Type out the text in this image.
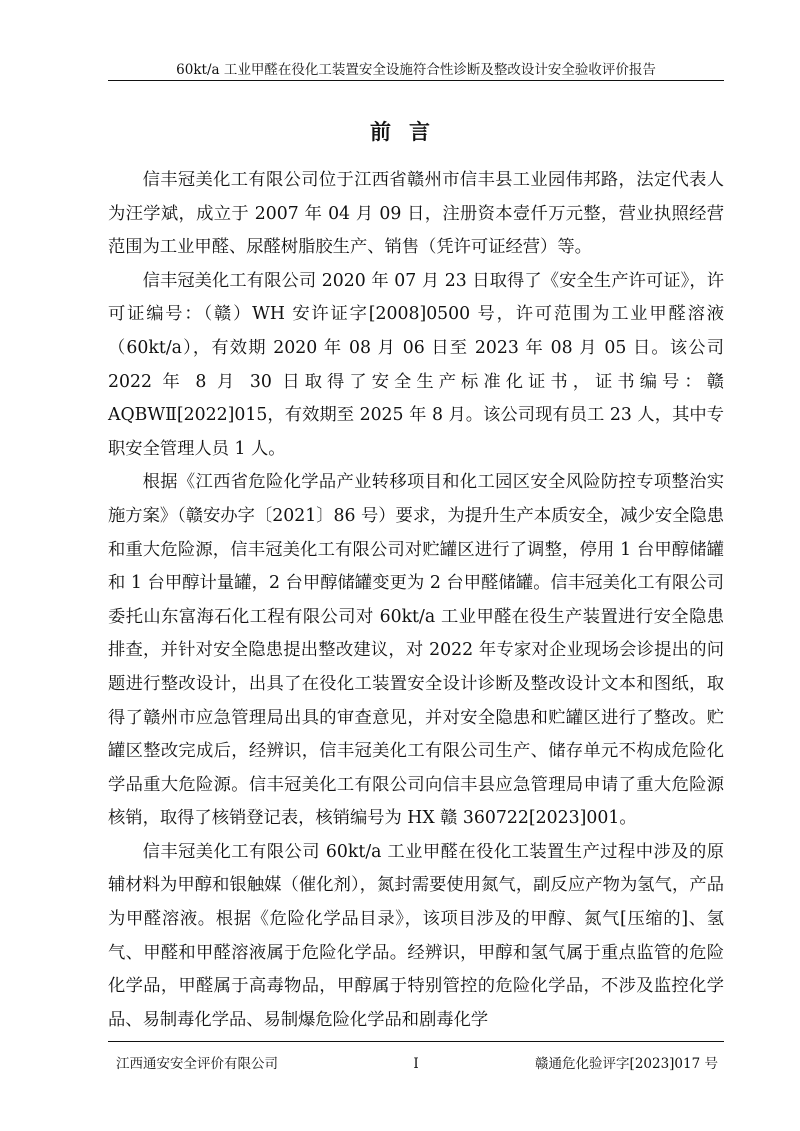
60kt/a 工业甲醛在役化工装置安全设施符合性诊断及整改设计安全验收评价报告
前言

信丰冠美化工有限公司位于江西省赣州市信丰县工业园伟邦路，法定代表人为汪学斌，成立于 2007 年 04 月 09 日，注册资本壹仟万元整，营业执照经营范围为工业甲醛、尿醛树脂胶生产、销售（凭许可证经营）等。

信丰冠美化工有限公司 2020 年 07 月 23 日取得了《安全生产许可证》，许可证编号：（赣）WH 安许证字[2008]0500 号，许可范围为工业甲醛溶液（60kt/a），有效期 2020 年 08 月 06 日至 2023 年 08 月 05 日。该公司 2022 年 8 月 30 日取得了安全生产标准化证书，证书编号：赣 AQBWⅡ[2022]015，有效期至 2025 年 8 月。该公司现有员工 23 人，其中专职安全管理人员 1 人。

根据《江西省危险化学品产业转移项目和化工园区安全风险防控专项整治实施方案》（赣安办字〔2021〕86 号）要求，为提升生产本质安全，减少安全隐患和重大危险源，信丰冠美化工有限公司对贮罐区进行了调整，停用 1 台甲醇储罐和 1 台甲醇计量罐，2 台甲醇储罐变更为 2 台甲醛储罐。信丰冠美化工有限公司委托山东富海石化工程有限公司对 60kt/a 工业甲醛在役生产装置进行安全隐患排查，并针对安全隐患提出整改建议，对 2022 年专家对企业现场会诊提出的问题进行整改设计，出具了在役化工装置安全设计诊断及整改设计文本和图纸，取得了赣州市应急管理局出具的审查意见，并对安全隐患和贮罐区进行了整改。贮罐区整改完成后，经辨识，信丰冠美化工有限公司生产、储存单元不构成危险化学品重大危险源。信丰冠美化工有限公司向信丰县应急管理局申请了重大危险源核销，取得了核销登记表，核销编号为 HX 赣 360722[2023]001。

信丰冠美化工有限公司 60kt/a 工业甲醛在役化工装置生产过程中涉及的原辅材料为甲醇和银触媒（催化剂），氮封需要使用氮气，副反应产物为氢气，产品为甲醛溶液。根据《危险化学品目录》，该项目涉及的甲醇、氮气[压缩的]、氢气、甲醛和甲醛溶液属于危险化学品。经辨识，甲醇和氢气属于重点监管的危险化学品，甲醛属于高毒物品，甲醇属于特别管控的危险化学品，不涉及监控化学品、易制毒化学品、易制爆危险化学品和剧毒化学

江西通安安全评价有限公司	I	赣通危化验评字[2023]017 号
